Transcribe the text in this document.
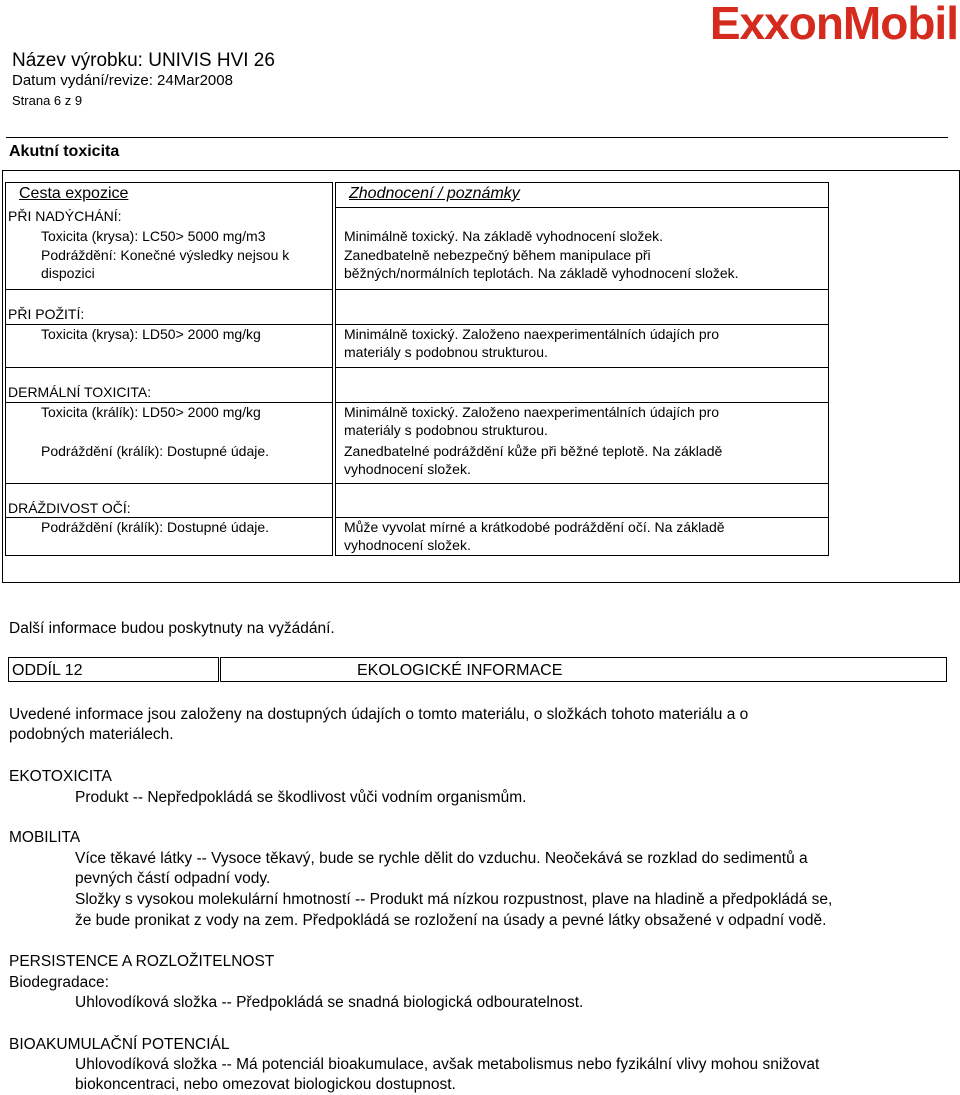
ExxonMobil
Název výrobku: UNIVIS HVI 26
Datum vydání/revize: 24Mar2008
Strana 6 z 9
Akutní toxicita
Cesta expozice
PŘI NADÝCHÁNÍ:
Toxicita (krysa): LC50> 5000 mg/m3
Podráždění: Konečné výsledky nejsou k
dispozici
PŘI POŽITÍ:
Toxicita (krysa): LD50> 2000 mg/kg
DERMÁLNÍ TOXICITA:
Toxicita (králík): LD50> 2000 mg/kg
Podráždění (králík): Dostupné údaje.
DRÁŽDIVOST OČÍ:
Podráždění (králík): Dostupné údaje.
Zhodnocení / poznámky
Minimálně toxický. Na základě vyhodnocení složek.
Zanedbatelně nebezpečný během manipulace při
běžných/normálních teplotách. Na základě vyhodnocení složek.
Minimálně toxický. Založeno naexperimentálních údajích pro
materiály s podobnou strukturou.
Minimálně toxický. Založeno naexperimentálních údajích pro
materiály s podobnou strukturou.
Zanedbatelné podráždění kůže při běžné teplotě. Na základě
vyhodnocení složek.
Může vyvolat mírné a krátkodobé podráždění očí. Na základě
vyhodnocení složek.
Další informace budou poskytnuty na vyžádání.
ODDÍL 12	EKOLOGICKÉ INFORMACE
Uvedené informace jsou založeny na dostupných údajích o tomto materiálu, o složkách tohoto materiálu a o
podobných materiálech.
EKOTOXICITA
Produkt -- Nepředpokládá se škodlivost vůči vodním organismům.
MOBILITA
Více těkavé látky -- Vysoce těkavý, bude se rychle dělit do vzduchu. Neočekává se rozklad do sedimentů a
pevných částí odpadní vody.
Složky s vysokou molekulární hmotností -- Produkt má nízkou rozpustnost, plave na hladině a předpokládá se,
že bude pronikat z vody na zem. Předpokládá se rozložení na úsady a pevné látky obsažené v odpadní vodě.
PERSISTENCE A ROZLOŽITELNOST
Biodegradace:
Uhlovodíková složka -- Předpokládá se snadná biologická odbouratelnost.
BIOAKUMULAČNÍ POTENCIÁL
Uhlovodíková složka -- Má potenciál bioakumulace, avšak metabolismus nebo fyzikální vlivy mohou snižovat
biokoncentraci, nebo omezovat biologickou dostupnost.
